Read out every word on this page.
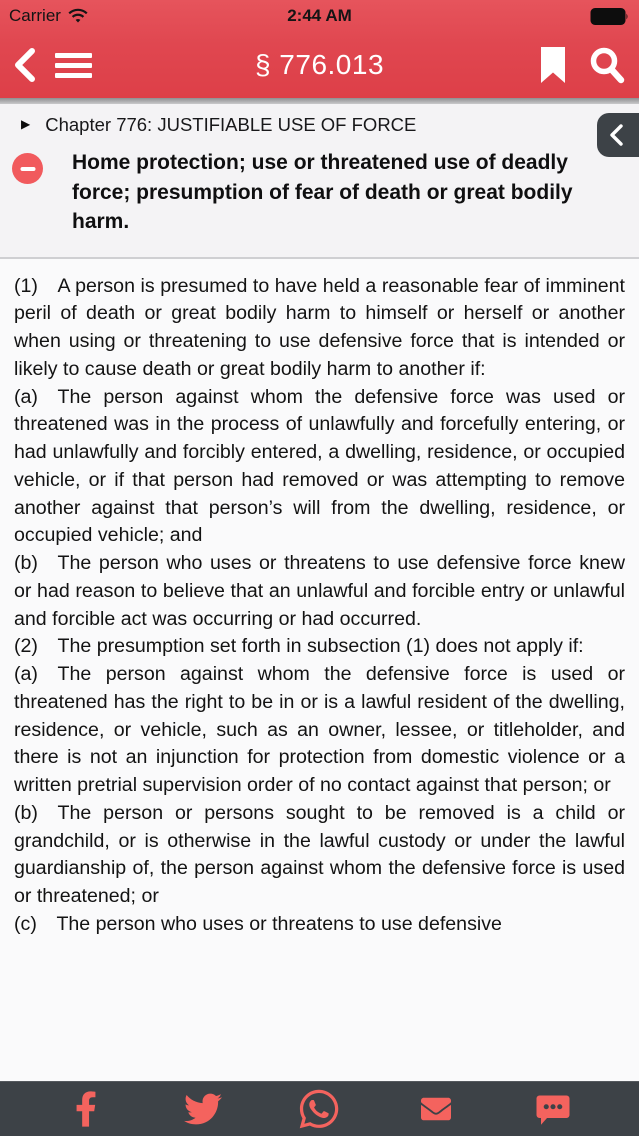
Carrier	2:44 AM
§ 776.013
▶ Chapter 776: JUSTIFIABLE USE OF FORCE
Home protection; use or threatened use of deadly force; presumption of fear of death or great bodily harm.

(1) A person is presumed to have held a reasonable fear of imminent peril of death or great bodily harm to himself or herself or another when using or threatening to use defensive force that is intended or likely to cause death or great bodily harm to another if:

(a) The person against whom the defensive force was used or threatened was in the process of unlawfully and forcefully entering, or had unlawfully and forcibly entered, a dwelling, residence, or occupied vehicle, or if that person had removed or was attempting to remove another against that person’s will from the dwelling, residence, or occupied vehicle; and

(b) The person who uses or threatens to use defensive force knew or had reason to believe that an unlawful and forcible entry or unlawful and forcible act was occurring or had occurred.

(2) The presumption set forth in subsection (1) does not apply if:

(a) The person against whom the defensive force is used or threatened has the right to be in or is a lawful resident of the dwelling, residence, or vehicle, such as an owner, lessee, or titleholder, and there is not an injunction for protection from domestic violence or a written pretrial supervision order of no contact against that person; or

(b) The person or persons sought to be removed is a child or grandchild, or is otherwise in the lawful custody or under the lawful guardianship of, the person against whom the defensive force is used or threatened; or

(c) The person who uses or threatens to use defensive
